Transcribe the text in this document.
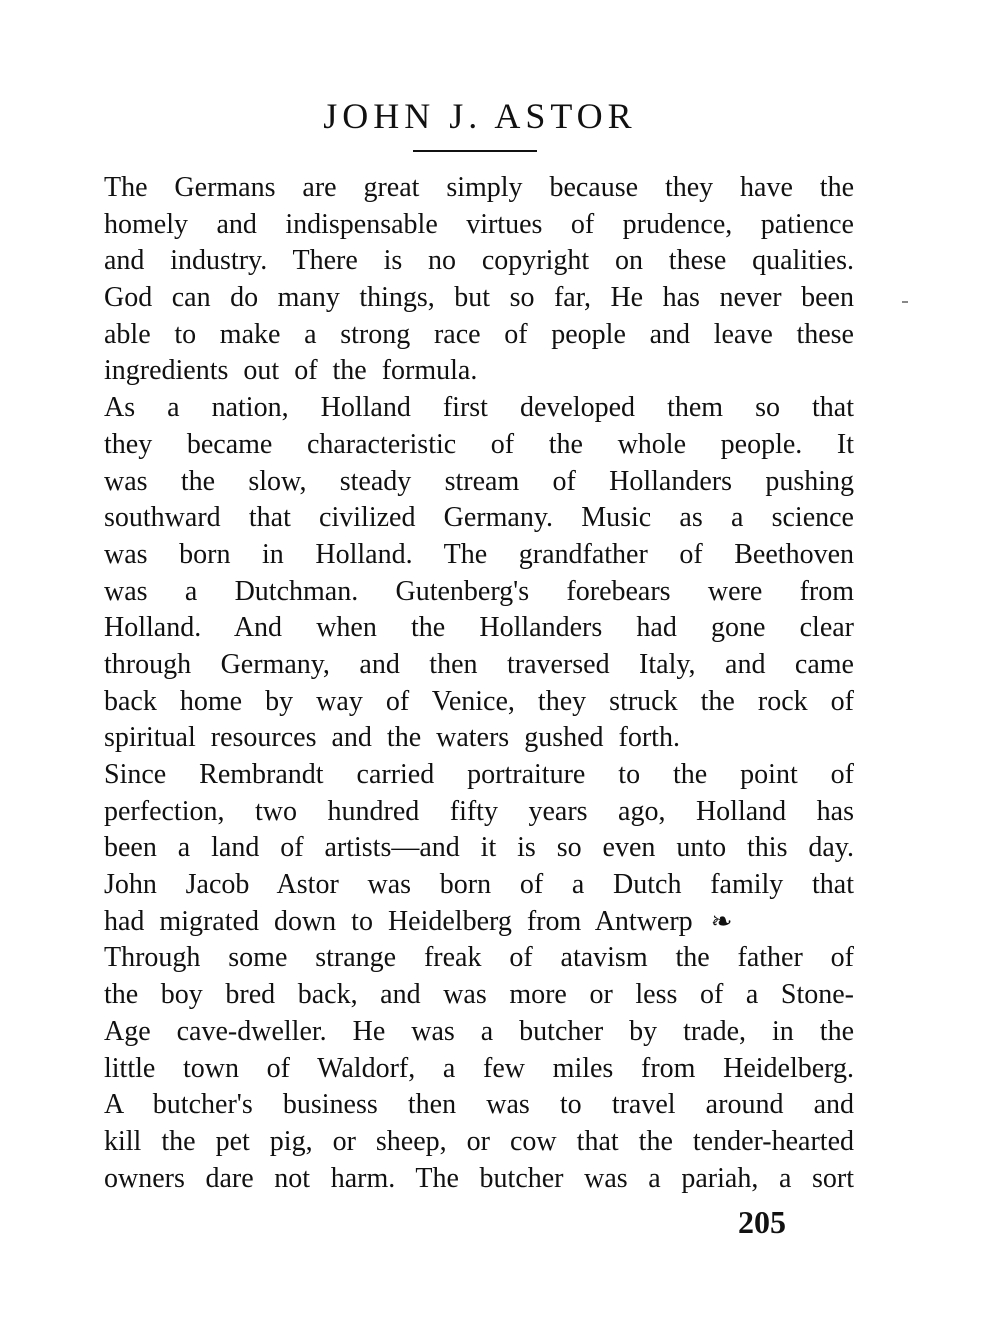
JOHN J. ASTOR
The Germans are great simply because they have the
homely and indispensable virtues of prudence, patience
and industry. There is no copyright on these qualities.
God can do many things, but so far, He has never been
able to make a strong race of people and leave these
ingredients out of the formula.
As a nation, Holland first developed them so that
they became characteristic of the whole people. It
was the slow, steady stream of Hollanders pushing
southward that civilized Germany. Music as a science
was born in Holland. The grandfather of Beethoven
was a Dutchman. Gutenberg's forebears were from
Holland. And when the Hollanders had gone clear
through Germany, and then traversed Italy, and came
back home by way of Venice, they struck the rock of
spiritual resources and the waters gushed forth.
Since Rembrandt carried portraiture to the point of
perfection, two hundred fifty years ago, Holland has
been a land of artists—and it is so even unto this day.
John Jacob Astor was born of a Dutch family that
had migrated down to Heidelberg from Antwerp ❧
Through some strange freak of atavism the father of
the boy bred back, and was more or less of a Stone-
Age cave-dweller. He was a butcher by trade, in the
little town of Waldorf, a few miles from Heidelberg.
A butcher's business then was to travel around and
kill the pet pig, or sheep, or cow that the tender-hearted
owners dare not harm. The butcher was a pariah, a sort
205
